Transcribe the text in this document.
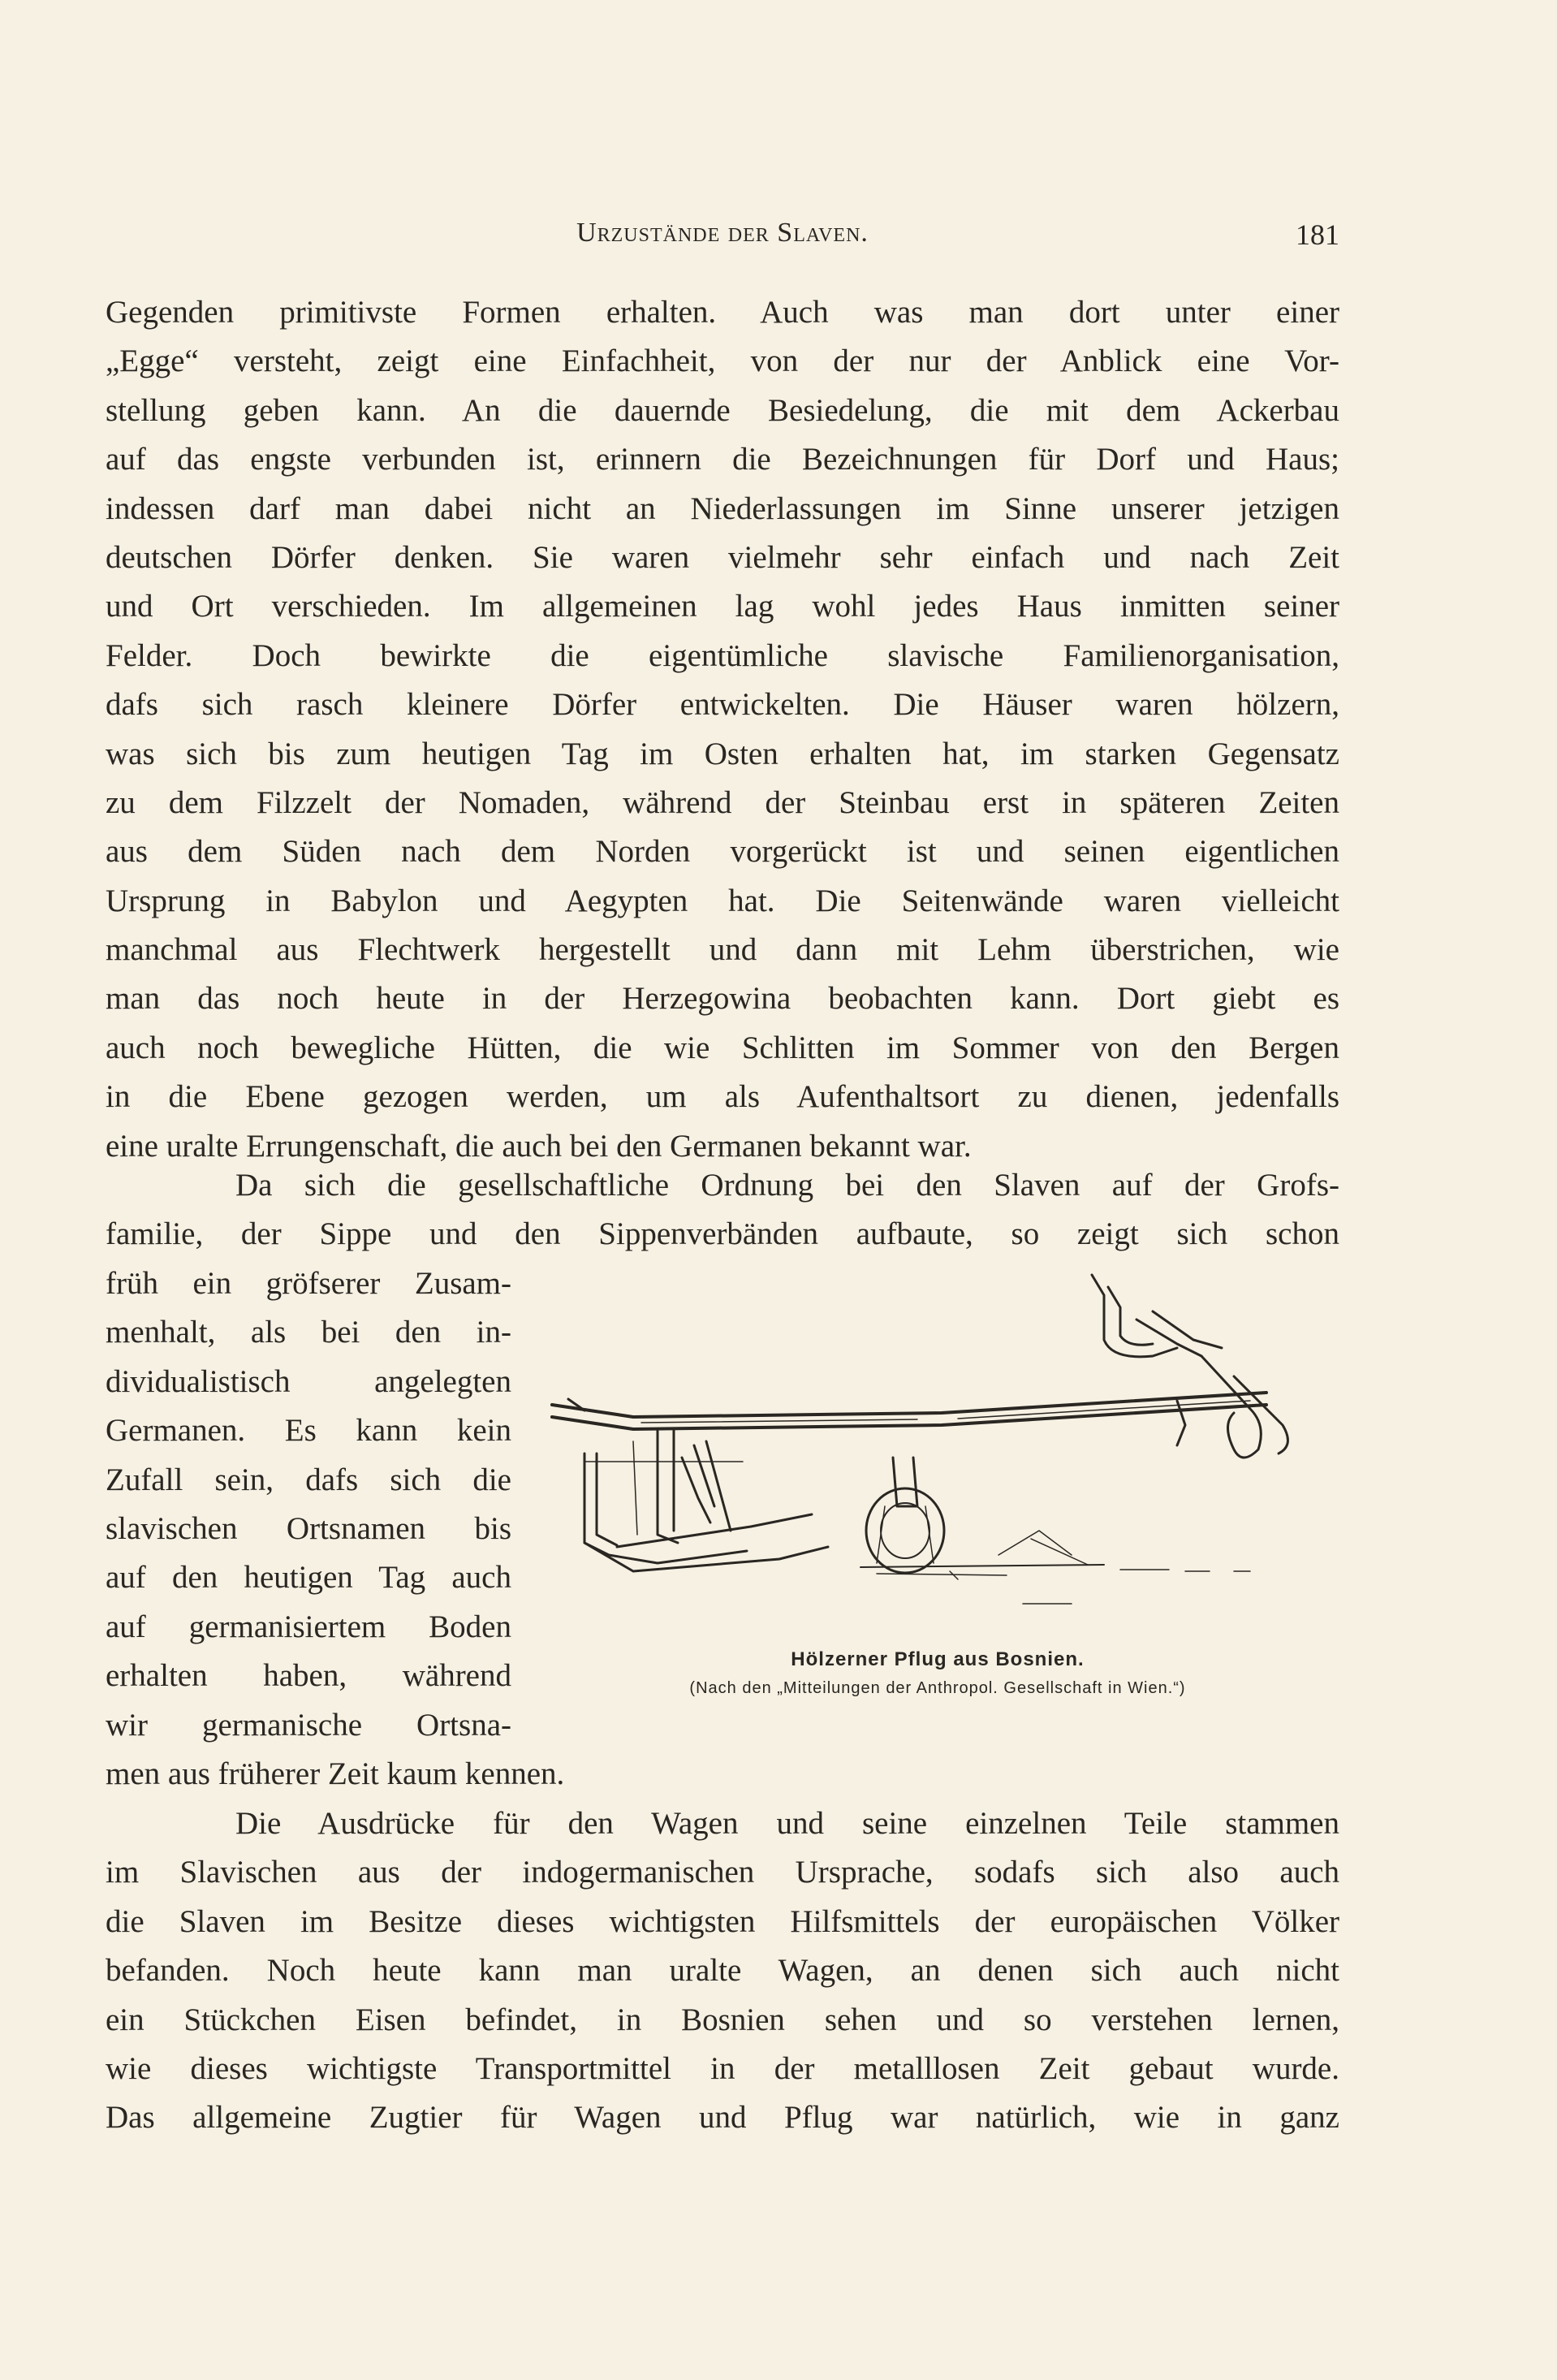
Urzustände der Slaven.	181
Gegenden primitivste Formen erhalten. Auch was man dort unter einer
„Egge“ versteht, zeigt eine Einfachheit, von der nur der Anblick eine Vor-
stellung geben kann. An die dauernde Besiedelung, die mit dem Ackerbau
auf das engste verbunden ist, erinnern die Bezeichnungen für Dorf und Haus;
indessen darf man dabei nicht an Niederlassungen im Sinne unserer jetzigen
deutschen Dörfer denken. Sie waren vielmehr sehr einfach und nach Zeit
und Ort verschieden. Im allgemeinen lag wohl jedes Haus inmitten seiner
Felder. Doch bewirkte die eigentümliche slavische Familienorganisation,
dafs sich rasch kleinere Dörfer entwickelten. Die Häuser waren hölzern,
was sich bis zum heutigen Tag im Osten erhalten hat, im starken Gegensatz
zu dem Filzzelt der Nomaden, während der Steinbau erst in späteren Zeiten
aus dem Süden nach dem Norden vorgerückt ist und seinen eigentlichen
Ursprung in Babylon und Aegypten hat. Die Seitenwände waren vielleicht
manchmal aus Flechtwerk hergestellt und dann mit Lehm überstrichen, wie
man das noch heute in der Herzegowina beobachten kann. Dort giebt es
auch noch bewegliche Hütten, die wie Schlitten im Sommer von den Bergen
in die Ebene gezogen werden, um als Aufenthaltsort zu dienen, jedenfalls
eine uralte Errungenschaft, die auch bei den Germanen bekannt war.
Da sich die gesellschaftliche Ordnung bei den Slaven auf der Grofs-
familie, der Sippe und den Sippenverbänden aufbaute, so zeigt sich schon
früh ein gröfserer Zusam-
menhalt, als bei den in-
dividualistisch angelegten
Germanen. Es kann kein
Zufall sein, dafs sich die
slavischen Ortsnamen bis
auf den heutigen Tag auch
auf germanisiertem Boden
erhalten haben, während
wir germanische Ortsna-
Hölzerner Pflug aus Bosnien.
(Nach den „Mitteilungen der Anthropol. Gesellschaft in Wien.“)
men aus früherer Zeit kaum kennen.
Die Ausdrücke für den Wagen und seine einzelnen Teile stammen
im Slavischen aus der indogermanischen Ursprache, sodafs sich also auch
die Slaven im Besitze dieses wichtigsten Hilfsmittels der europäischen Völker
befanden. Noch heute kann man uralte Wagen, an denen sich auch nicht
ein Stückchen Eisen befindet, in Bosnien sehen und so verstehen lernen,
wie dieses wichtigste Transportmittel in der metalllosen Zeit gebaut wurde.
Das allgemeine Zugtier für Wagen und Pflug war natürlich, wie in ganz
